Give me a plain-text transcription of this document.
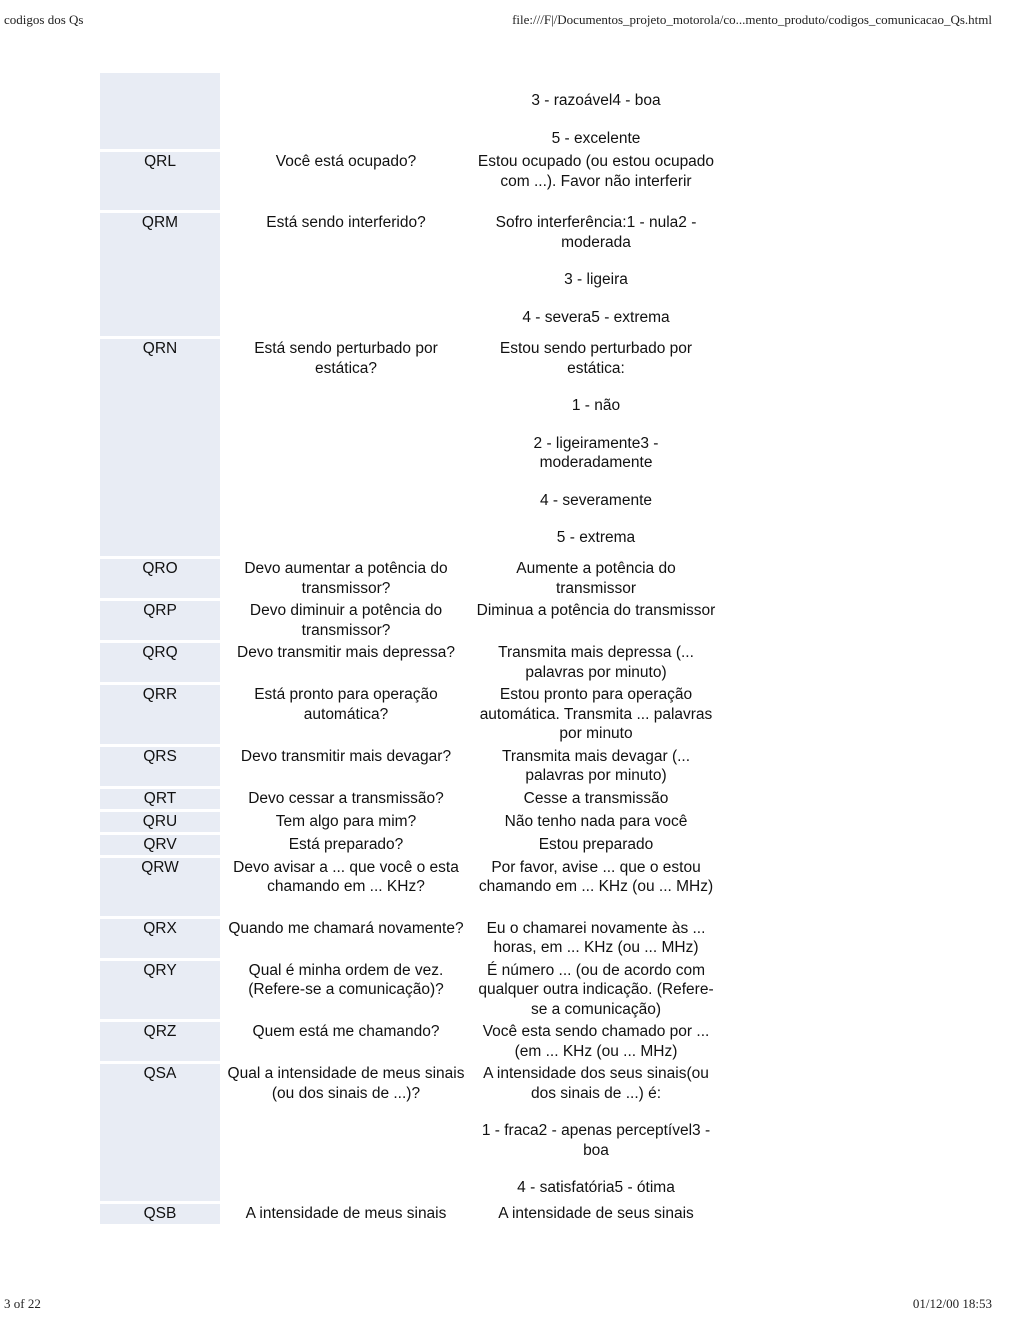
codigos dos Qs	file:///F|/Documentos_projeto_motorola/co...mento_produto/codigos_comunicacao_Qs.html

		3 - razoável4 - boa
5 - excelente

QRL	Você está ocupado?	Estou ocupado (ou estou ocupado com ...). Favor não interferir

QRM	Está sendo interferido?	Sofro interferência:1 - nula2 - moderada
3 - ligeira
4 - severa5 - extrema

QRN	Está sendo perturbado por estática?	Estou sendo perturbado por estática:
1 - não
2 - ligeiramente3 - moderadamente
4 - severamente
5 - extrema

QRO	Devo aumentar a potência do transmissor?	Aumente a potência do transmissor

QRP	Devo diminuir a potência do transmissor?	Diminua a potência do transmissor

QRQ	Devo transmitir mais depressa?	Transmita mais depressa (... palavras por minuto)

QRR	Está pronto para operação automática?	Estou pronto para operação automática. Transmita ... palavras por minuto

QRS	Devo transmitir mais devagar?	Transmita mais devagar (... palavras por minuto)

QRT	Devo cessar a transmissão?	Cesse a transmissão

QRU	Tem algo para mim?	Não tenho nada para você

QRV	Está preparado?	Estou preparado

QRW	Devo avisar a ... que você o esta chamando em ... KHz?	Por favor, avise ... que o estou chamando em ... KHz (ou ... MHz)

QRX	Quando me chamará novamente?	Eu o chamarei novamente às ... horas, em ... KHz (ou ... MHz)

QRY	Qual é minha ordem de vez. (Refere-se a comunicação)?	É número ... (ou de acordo com qualquer outra indicação. (Refere-se a comunicação)

QRZ	Quem está me chamando?	Você esta sendo chamado por ... (em ... KHz (ou ... MHz)

QSA	Qual a intensidade de meus sinais (ou dos sinais de ...)?	A intensidade dos seus sinais(ou dos sinais de ...) é:
1 - fraca2 - apenas perceptível3 - boa
4 - satisfatória5 - ótima

QSB	A intensidade de meus sinais	A intensidade de seus sinais
3 of 22	01/12/00 18:53
